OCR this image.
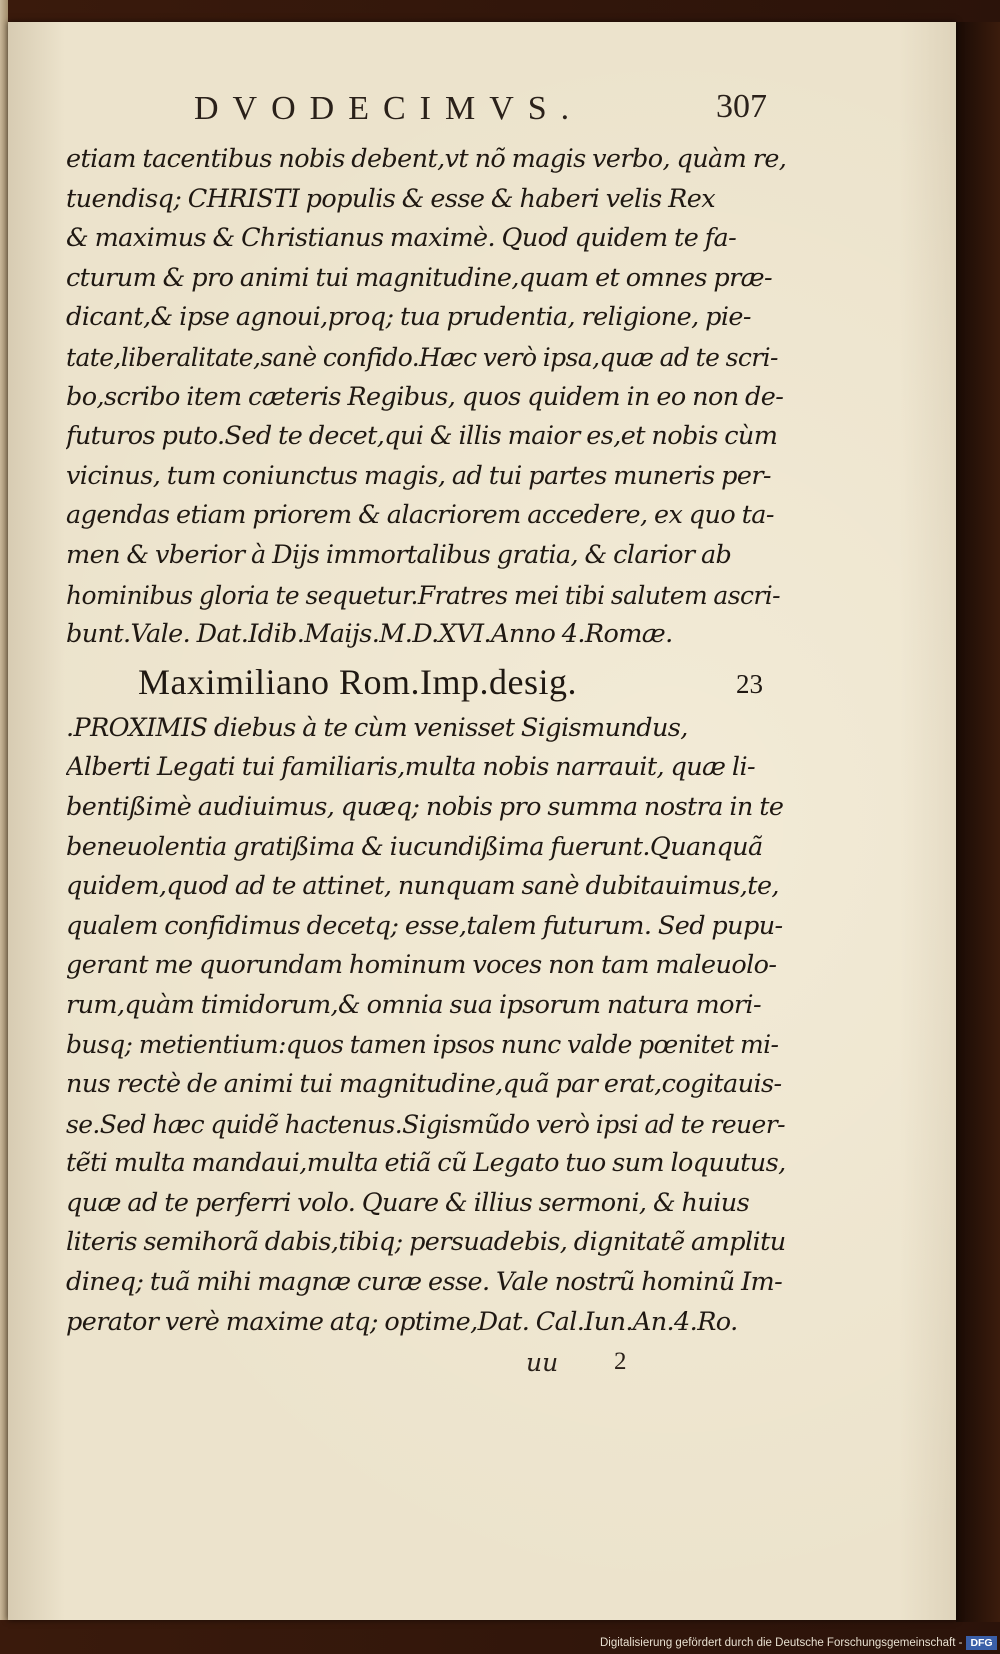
DVODECIMVS.	307
etiam tacentibus nobis debent,vt nõ magis verbo, quàm re,
tuendisq; CHRISTI populis & esse & haberi velis Rex
& maximus & Christianus maximè. Quod quidem te fa-
cturum & pro animi tui magnitudine,quam et omnes præ-
dicant,& ipse agnoui,proq; tua prudentia, religione, pie-
tate,liberalitate,sanè confido.Hæc verò ipsa,quæ ad te scri-
bo,scribo item cæteris Regibus, quos quidem in eo non de-
futuros puto.Sed te decet,qui & illis maior es,et nobis cùm
vicinus, tum coniunctus magis, ad tui partes muneris per-
agendas etiam priorem & alacriorem accedere, ex quo ta-
men & vberior à Dijs immortalibus gratia, & clarior ab
hominibus gloria te sequetur.Fratres mei tibi salutem ascri-
bunt.Vale. Dat.Idib.Maijs.M.D.XVI.Anno 4.Romæ.
Maximiliano Rom.Imp.desig.	23
.PROXIMIS diebus à te cùm venisset Sigismundus,
Alberti Legati tui familiaris,multa nobis narrauit, quæ li-
bentißimè audiuimus, quæq; nobis pro summa nostra in te
beneuolentia gratißima & iucundißima fuerunt.Quanquã
quidem,quod ad te attinet, nunquam sanè dubitauimus,te,
qualem confidimus decetq; esse,talem futurum. Sed pupu-
gerant me quorundam hominum voces non tam maleuolo-
rum,quàm timidorum,& omnia sua ipsorum natura mori-
busq; metientium:quos tamen ipsos nunc valde pœnitet mi-
nus rectè de animi tui magnitudine,quã par erat,cogitauis-
se.Sed hæc quidẽ hactenus.Sigismũdo verò ipsi ad te reuer-
tẽti multa mandaui,multa etiã cũ Legato tuo sum loquutus,
quæ ad te perferri volo. Quare & illius sermoni, & huius
literis semihorã dabis,tibiq; persuadebis, dignitatẽ amplitu
dineq; tuã mihi magnæ curæ esse. Vale nostrũ hominũ Im-
perator verè maxime atq; optime,Dat. Cal.Iun.An.4.Ro.
uu 2
Digitalisierung gefördert durch die Deutsche Forschungsgemeinschaft - DFG
